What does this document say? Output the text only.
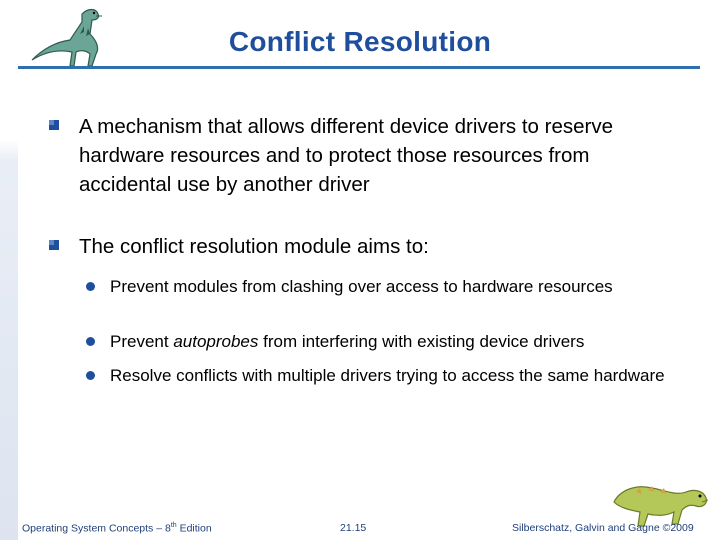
Conflict Resolution
A mechanism that allows different device drivers to reserve hardware resources and to protect those resources from accidental use by another driver
The conflict resolution module aims to:
Prevent modules from clashing over access to hardware resources
Prevent autoprobes from interfering with existing device drivers
Resolve conflicts with multiple drivers trying to access the same hardware
Operating System Concepts – 8th Edition	21.15	Silberschatz, Galvin and Gagne ©2009
